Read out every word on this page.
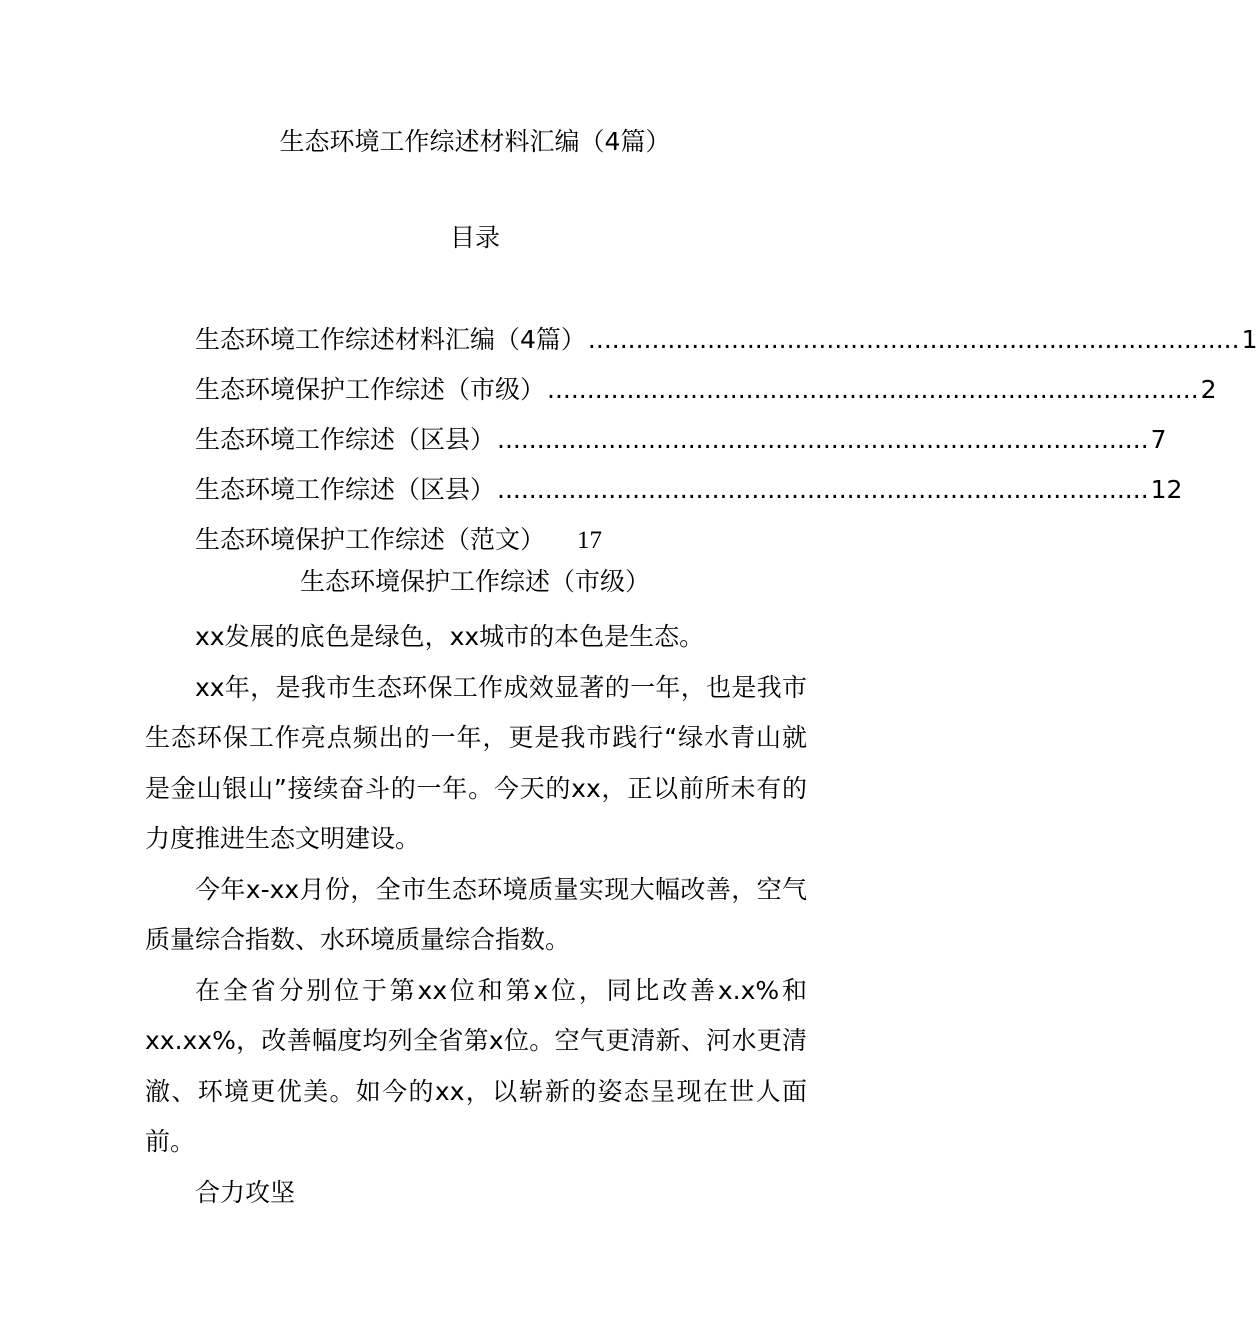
生态环境工作综述材料汇编（4篇）
目录
生态环境工作综述材料汇编（4篇） .................................................................................. 1
生态环境保护工作综述（市级） .................................................................................. 2
生态环境工作综述（区县） .................................................................................. 7
生态环境工作综述（区县） .................................................................................. 12
生态环境保护工作综述（范文） 17
生态环境保护工作综述（市级）

xx发展的底色是绿色，xx城市的本色是生态。

xx年，是我市生态环保工作成效显著的一年，也是我市生态环保工作亮点频出的一年，更是我市践行“绿水青山就是金山银山”接续奋斗的一年。今天的xx，正以前所未有的力度推进生态文明建设。

今年x-xx月份，全市生态环境质量实现大幅改善，空气质量综合指数、水环境质量综合指数。

在全省分别位于第xx位和第x位，同比改善x.x%和xx.xx%，改善幅度均列全省第x位。空气更清新、河水更清澈、环境更优美。如今的xx，以崭新的姿态呈现在世人面前。

合力攻坚
